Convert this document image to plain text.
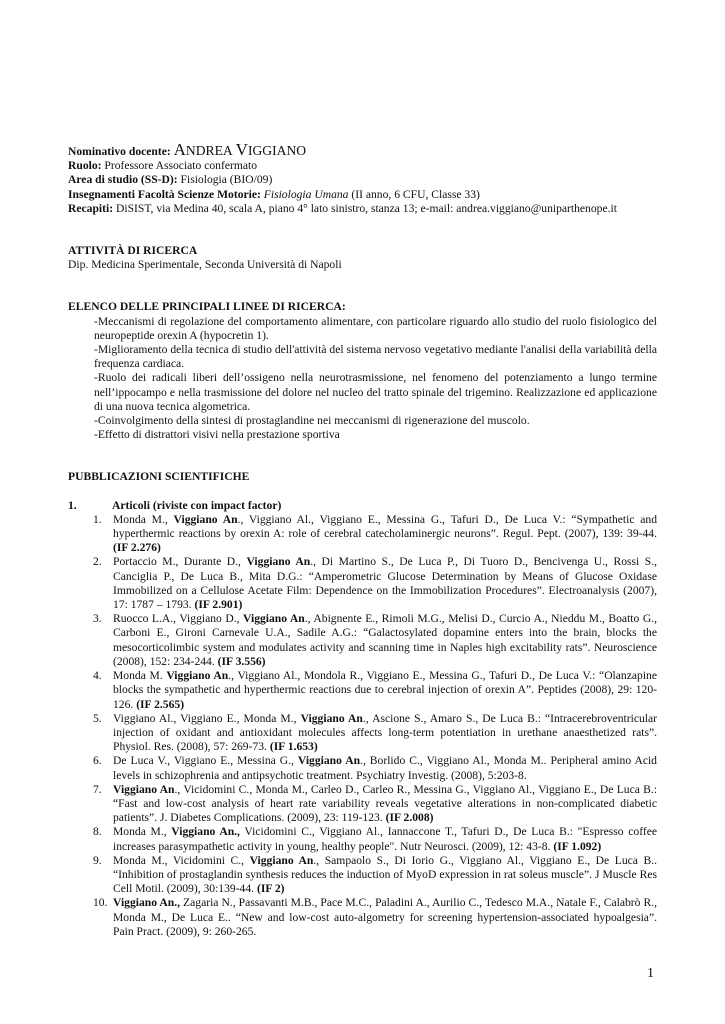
Nominativo docente: ANDREA VIGGIANO

Ruolo: Professore Associato confermato

Area di studio (SS-D): Fisiologia (BIO/09)

Insegnamenti Facoltà Scienze Motorie: Fisiologia Umana (II anno, 6 CFU, Classe 33)

Recapiti: DiSIST, via Medina 40, scala A, piano 4° lato sinistro, stanza 13; e-mail: andrea.viggiano@uniparthenope.it

ATTIVITÀ DI RICERCA

Dip. Medicina Sperimentale, Seconda Università di Napoli

ELENCO DELLE PRINCIPALI LINEE DI RICERCA:

-Meccanismi di regolazione del comportamento alimentare, con particolare riguardo allo studio del ruolo fisiologico del neuropeptide orexin A (hypocretin 1).

-Miglioramento della tecnica di studio dell'attività del sistema nervoso vegetativo mediante l'analisi della variabilità della frequenza cardiaca.

-Ruolo dei radicali liberi dell’ossigeno nella neurotrasmissione, nel fenomeno del potenziamento a lungo termine nell’ippocampo e nella trasmissione del dolore nel nucleo del tratto spinale del trigemino. Realizzazione ed applicazione di una nuova tecnica algometrica.

-Coinvolgimento della sintesi di prostaglandine nei meccanismi di rigenerazione del muscolo.

-Effetto di distrattori visivi nella prestazione sportiva

PUBBLICAZIONI SCIENTIFICHE

1.	Articoli (riviste con impact factor)
1. Monda M., Viggiano An., Viggiano Al., Viggiano E., Messina G., Tafuri D., De Luca V.: “Sympathetic and hyperthermic reactions by orexin A: role of cerebral catecholaminergic neurons”. Regul. Pept. (2007), 139: 39-44. (IF 2.276)
2. Portaccio M., Durante D., Viggiano An., Di Martino S., De Luca P., Di Tuoro D., Bencivenga U., Rossi S., Canciglia P., De Luca B., Mita D.G.: “Amperometric Glucose Determination by Means of Glucose Oxidase Immobilized on a Cellulose Acetate Film: Dependence on the Immobilization Procedures”. Electroanalysis (2007), 17: 1787 – 1793. (IF 2.901)
3. Ruocco L.A., Viggiano D., Viggiano An., Abignente E., Rimoli M.G., Melisi D., Curcio A., Nieddu M., Boatto G., Carboni E., Gironi Carnevale U.A., Sadile A.G.: “Galactosylated dopamine enters into the brain, blocks the mesocorticolimbic system and modulates activity and scanning time in Naples high excitability rats”. Neuroscience (2008), 152: 234-244. (IF 3.556)
4. Monda M. Viggiano An., Viggiano Al., Mondola R., Viggiano E., Messina G., Tafuri D., De Luca V.: “Olanzapine blocks the sympathetic and hyperthermic reactions due to cerebral injection of orexin A”. Peptides (2008), 29: 120-126. (IF 2.565)
5. Viggiano Al., Viggiano E., Monda M., Viggiano An., Ascione S., Amaro S., De Luca B.: “Intracerebroventricular injection of oxidant and antioxidant molecules affects long-term potentiation in urethane anaesthetized rats”. Physiol. Res. (2008), 57: 269-73. (IF 1.653)
6. De Luca V., Viggiano E., Messina G., Viggiano An., Borlido C., Viggiano Al., Monda M.. Peripheral amino Acid levels in schizophrenia and antipsychotic treatment. Psychiatry Investig. (2008), 5:203-8.
7. Viggiano An., Vicidomini C., Monda M., Carleo D., Carleo R., Messina G., Viggiano Al., Viggiano E., De Luca B.: “Fast and low-cost analysis of heart rate variability reveals vegetative alterations in non-complicated diabetic patients”. J. Diabetes Complications. (2009), 23: 119-123. (IF 2.008)
8. Monda M., Viggiano An., Vicidomini C., Viggiano Al., Iannaccone T., Tafuri D., De Luca B.: "Espresso coffee increases parasympathetic activity in young, healthy people". Nutr Neurosci. (2009), 12: 43-8. (IF 1.092)
9. Monda M., Vicidomini C., Viggiano An., Sampaolo S., Di Iorio G., Viggiano Al., Viggiano E., De Luca B.. “Inhibition of prostaglandin synthesis reduces the induction of MyoD expression in rat soleus muscle”. J Muscle Res Cell Motil. (2009), 30:139-44. (IF 2)
10. Viggiano An., Zagaria N., Passavanti M.B., Pace M.C., Paladini A., Aurilio C., Tedesco M.A., Natale F., Calabrò R., Monda M., De Luca E.. “New and low-cost auto-algometry for screening hypertension-associated hypoalgesia”. Pain Pract. (2009), 9: 260-265.
1
